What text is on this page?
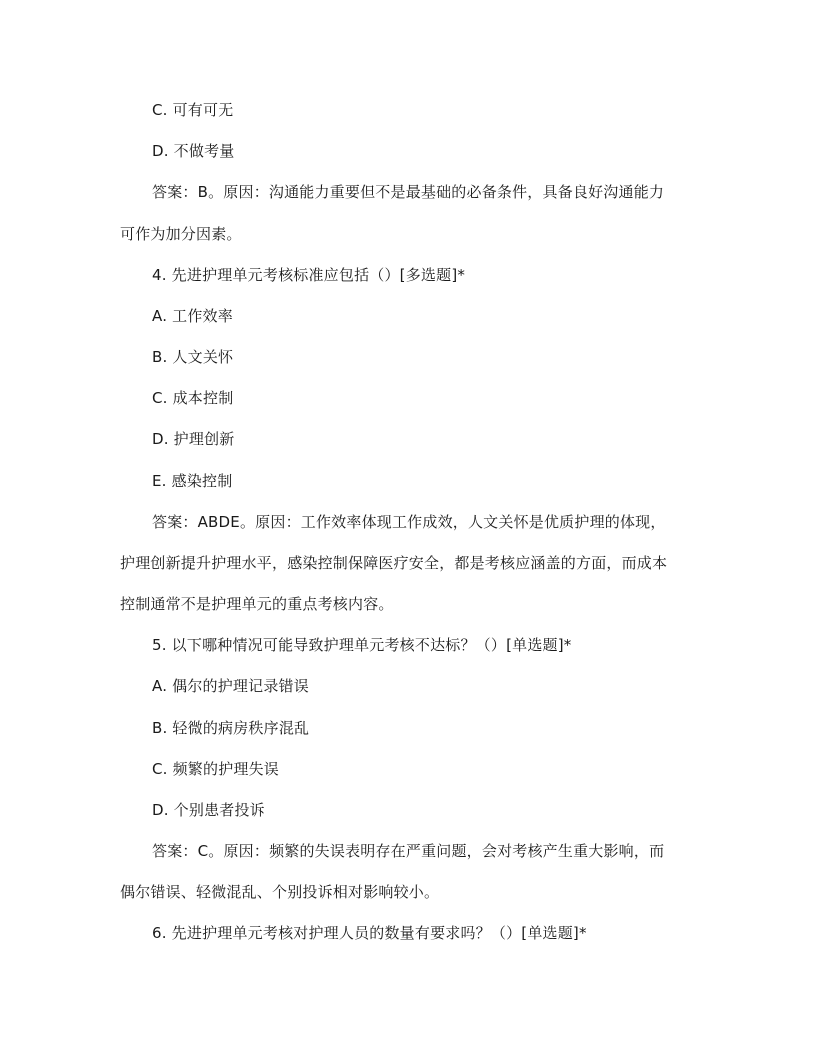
C. 可有可无
D. 不做考量
答案：B。原因：沟通能力重要但不是最基础的必备条件，具备良好沟通能力
可作为加分因素。
4. 先进护理单元考核标准应包括（）[多选题]*
A. 工作效率
B. 人文关怀
C. 成本控制
D. 护理创新
E. 感染控制
答案：ABDE。原因：工作效率体现工作成效，人文关怀是优质护理的体现，
护理创新提升护理水平，感染控制保障医疗安全，都是考核应涵盖的方面，而成本
控制通常不是护理单元的重点考核内容。
5. 以下哪种情况可能导致护理单元考核不达标？（）[单选题]*
A. 偶尔的护理记录错误
B. 轻微的病房秩序混乱
C. 频繁的护理失误
D. 个别患者投诉
答案：C。原因：频繁的失误表明存在严重问题，会对考核产生重大影响，而
偶尔错误、轻微混乱、个别投诉相对影响较小。
6. 先进护理单元考核对护理人员的数量有要求吗？（）[单选题]*
